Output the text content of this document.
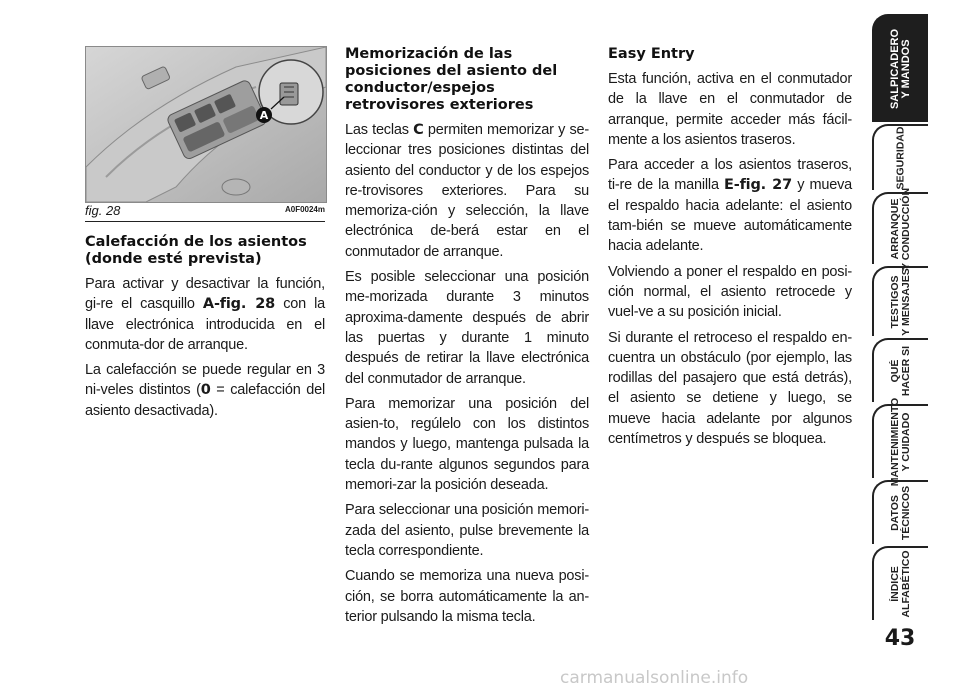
A
fig. 28	A0F0024m
Calefacción de los asientos (donde esté prevista)

Para activar y desactivar la función, gi-re el casquillo A-fig. 28 con la llave electrónica introducida en el conmuta-dor de arranque.

La calefacción se puede regular en 3 ni-veles distintos (0 = calefacción del asiento desactivada).

Memorización de las posiciones del asiento del conductor/espejos retrovisores exteriores

Las teclas C permiten memorizar y se-leccionar tres posiciones distintas del asiento del conductor y de los espejos re-trovisores exteriores. Para su memoriza-ción y selección, la llave electrónica de-berá estar en el conmutador de arranque.

Es posible seleccionar una posición me-morizada durante 3 minutos aproxima-damente después de abrir las puertas y durante 1 minuto después de retirar la llave electrónica del conmutador de arranque.

Para memorizar una posición del asien-to, regúlelo con los distintos mandos y luego, mantenga pulsada la tecla du-rante algunos segundos para memori-zar la posición deseada.

Para seleccionar una posición memori-zada del asiento, pulse brevemente la tecla correspondiente.

Cuando se memoriza una nueva posi-ción, se borra automáticamente la an-terior pulsando la misma tecla.

Easy Entry

Esta función, activa en el conmutador de la llave en el conmutador de arranque, permite acceder más fácil-mente a los asientos traseros.

Para acceder a los asientos traseros, ti-re de la manilla E-fig. 27 y mueva el respaldo hacia adelante: el asiento tam-bién se mueve automáticamente hacia adelante.

Volviendo a poner el respaldo en posi-ción normal, el asiento retrocede y vuel-ve a su posición inicial.

Si durante el retroceso el respaldo en-cuentra un obstáculo (por ejemplo, las rodillas del pasajero que está detrás), el asiento se detiene y luego, se mueve hacia adelante por algunos centímetros y después se bloquea.

SALPICADERO
Y MANDOS
SEGURIDAD
ARRANQUE
Y CONDUCCIÓN
TESTIGOS
Y MENSAJES
QUÉ
HACER SI
MANTENIMIENTO
Y CUIDADO
DATOS
TÉCNICOS
ÍNDICE
ALFABÉTICO
43
carmanualsonline.info
